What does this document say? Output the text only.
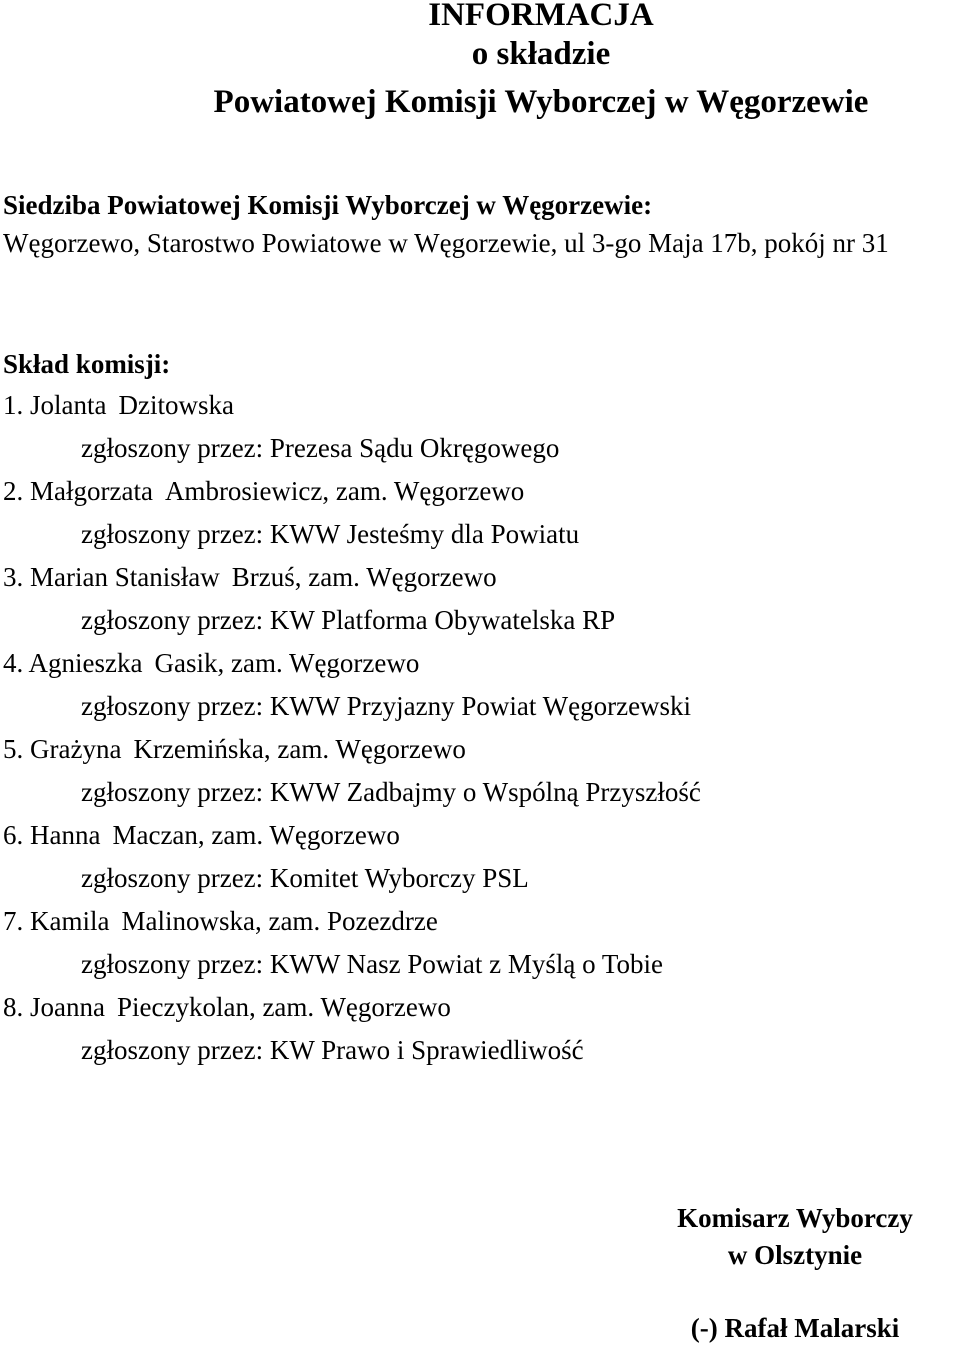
INFORMACJA
o składzie
Powiatowej Komisji Wyborczej w Węgorzewie
Siedziba Powiatowej Komisji Wyborczej w Węgorzewie:
Węgorzewo, Starostwo Powiatowe w Węgorzewie, ul 3-go Maja 17b, pokój nr 31
Skład komisji:
1. Jolanta Dzitowska
zgłoszony przez: Prezesa Sądu Okręgowego
2. Małgorzata Ambrosiewicz, zam. Węgorzewo
zgłoszony przez: KWW Jesteśmy dla Powiatu
3. Marian Stanisław Brzuś, zam. Węgorzewo
zgłoszony przez: KW Platforma Obywatelska RP
4. Agnieszka Gasik, zam. Węgorzewo
zgłoszony przez: KWW Przyjazny Powiat Węgorzewski
5. Grażyna Krzemińska, zam. Węgorzewo
zgłoszony przez: KWW Zadbajmy o Wspólną Przyszłość
6. Hanna Maczan, zam. Węgorzewo
zgłoszony przez: Komitet Wyborczy PSL
7. Kamila Malinowska, zam. Pozezdrze
zgłoszony przez: KWW Nasz Powiat z Myślą o Tobie
8. Joanna Pieczykolan, zam. Węgorzewo
zgłoszony przez: KW Prawo i Sprawiedliwość
Komisarz Wyborczy
w Olsztynie
(-) Rafał Malarski
